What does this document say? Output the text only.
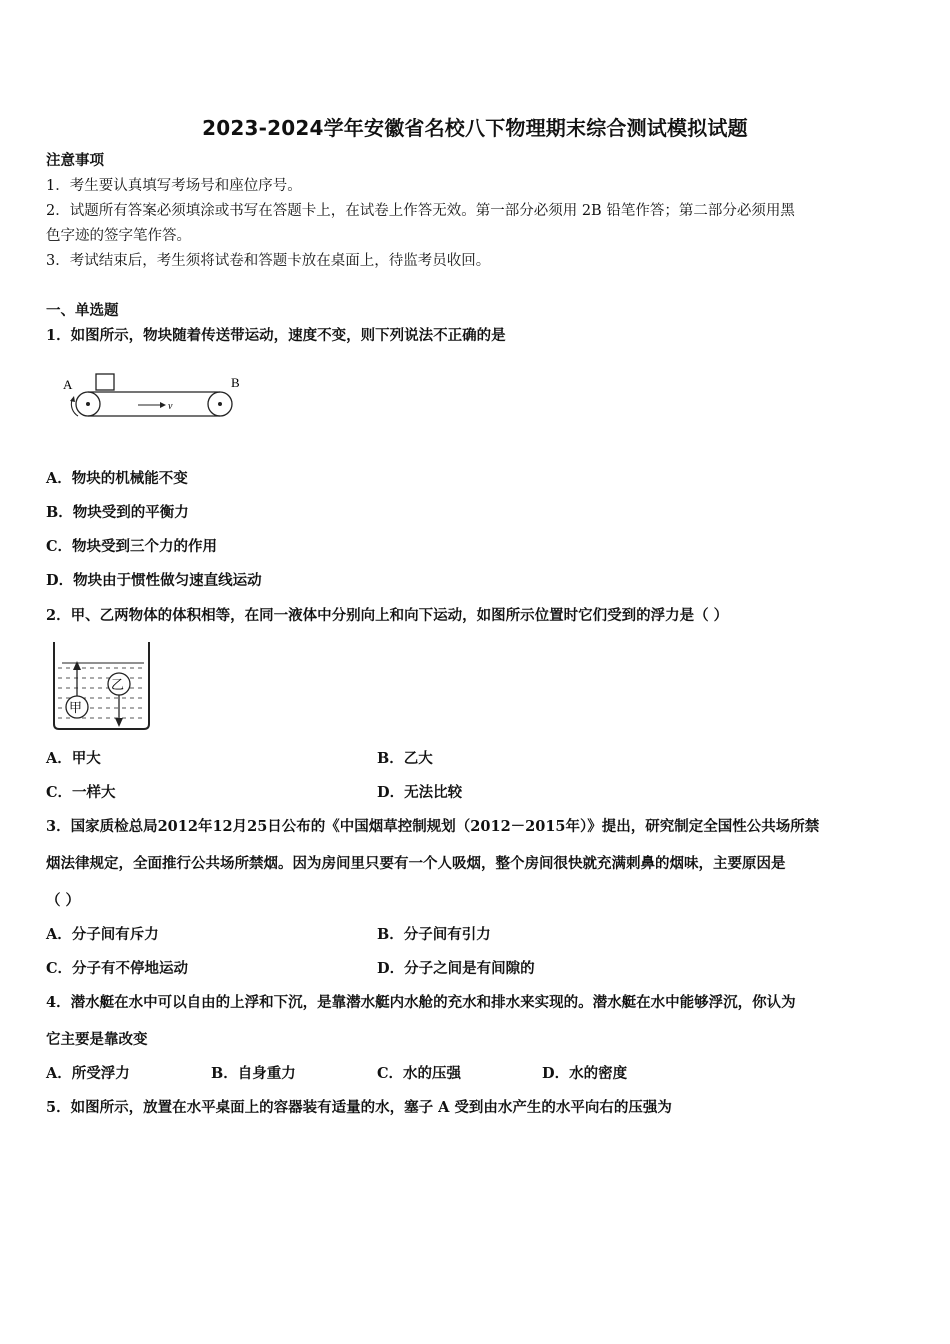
2023-2024学年安徽省名校八下物理期末综合测试模拟试题
注意事项
1．考生要认真填写考场号和座位序号。
2．试题所有答案必须填涂或书写在答题卡上，在试卷上作答无效。第一部分必须用 2B 铅笔作答；第二部分必须用黑
色字迹的签字笔作答。
3．考试结束后，考生须将试卷和答题卡放在桌面上，待监考员收回。
一、单选题
1．如图所示，物块随着传送带运动，速度不变，则下列说法不正确的是
A	B
v
A．物块的机械能不变
B．物块受到的平衡力
C．物块受到三个力的作用
D．物块由于惯性做匀速直线运动
2．甲、乙两物体的体积相等，在同一液体中分别向上和向下运动，如图所示位置时它们受到的浮力是（ ）
甲
乙
A．甲大	B．乙大
C．一样大	D．无法比较
3．国家质检总局2012年12月25日公布的《中国烟草控制规划（2012－2015年）》提出，研究制定全国性公共场所禁
烟法律规定，全面推行公共场所禁烟。因为房间里只要有一个人吸烟，整个房间很快就充满刺鼻的烟味，主要原因是
（ ）
A．分子间有斥力	B．分子间有引力
C．分子有不停地运动	D．分子之间是有间隙的
4．潜水艇在水中可以自由的上浮和下沉，是靠潜水艇内水舱的充水和排水来实现的。潜水艇在水中能够浮沉，你认为
它主要是靠改变
A．所受浮力	B．自身重力	C．水的压强	D．水的密度
5．如图所示，放置在水平桌面上的容器装有适量的水，塞子 A 受到由水产生的水平向右的压强为
